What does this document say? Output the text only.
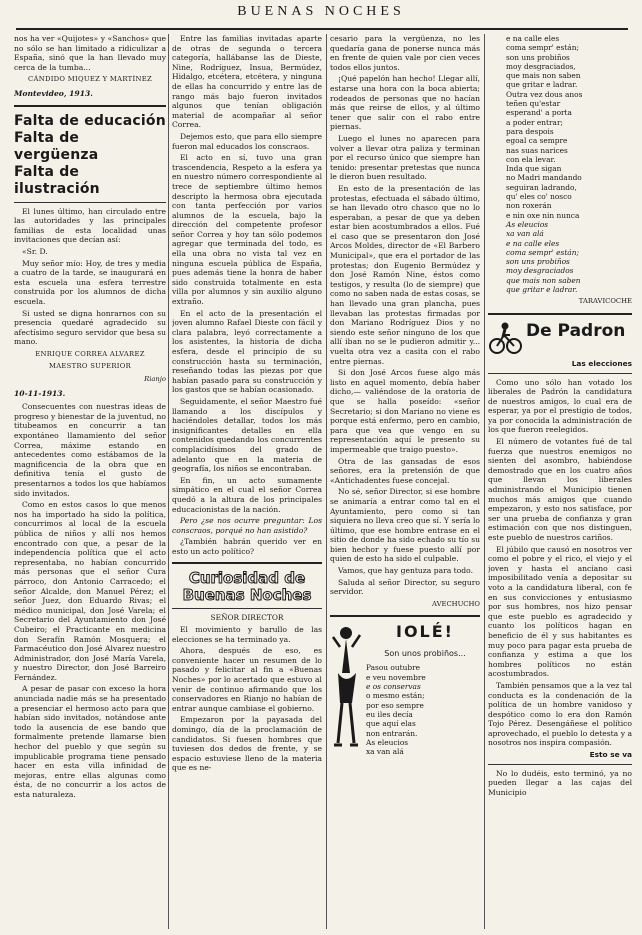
BUENAS NOCHES

nos ha ver «Quijotes» y «Sanchos» que no sólo se han limitado a ridiculizar a España, sinó que la han llevado muy cerca de la tumba...

CÁNDIDO MIQUEZ Y MARTÍNEZ
Montevideo, 1913.

Falta de educación

Falta de vergüenza

Falta de ilustración

El lunes último, han circulado entre las autoridades y las principales familias de esta localidad unas invitaciones que decían así:

«Sr. D.

Muy señor mío: Hoy, de tres y media a cuatro de la tarde, se inaugurará en esta escuela una esfera terrestre construida por los alumnos de dicha escuela.

Si usted se digna honrarnos con su presencia quedaré agradecido su afectísimo seguro servidor que besa su mano.

ENRIQUE CORREA ALVAREZ
MAESTRO SUPERIOR
Rianjo
10-11-1913.

Consecuentes con nuestras ideas de progreso y bienestar de la juventud, no titubeamos en concurrir a tan expontáneo llamamiento del señor Correa, máxime estando en antecedentes como estábamos de la magnificencia de la obra que en definitiva tenía el gusto de presentarnos a todos los que habíamos sido invitados.

Como en estos casos lo que menos nos ha importado ha sido la política, concurrimos al local de la escuela pública de niños y allí nos hemos encontrado con que, a pesar de la independencia política que el acto representaba, no habían concurrido más personas que el señor Cura párroco, don Antonio Carracedo; el señor Alcalde, don Manuel Pérez; el señor Juez, don Eduardo Rivas; el médico municipal, don José Varela; el Secretario del Ayuntamiento don José Cubeiro; el Practicante en medicina don Serafín Ramón Mosquera; el Farmacéutico don José Alvarez nuestro Administrador, don José María Varela, y nuestro Director, don José Barreiro Fernández.

A pesar de pasar con exceso la hora anunciada nadie más se ha presentado a presenciar el hermoso acto para que habían sido invitados, notándose ante todo la ausencia de ese bando que formalmente pretende llamarse bien hechor del pueblo y que según su impublicable programa tiene pensado hacer en esta villa infinidad de mejoras, entre ellas algunas como ésta, de no concurrir a los actos de esta naturaleza.

Entre las familias invitadas aparte de otras de segunda o tercera categoría, hallábanse las de Dieste, Nine, Rodríguez, Insua, Bermúdez, Hidalgo, etcétera, etcétera, y ninguna de ellas ha concurrido y entre las de rango más bajo fueron invitados algunos que tenían obligación material de acompañar al señor Correa.

Dejemos esto, que para ello siempre fueron mal educados los conscraos.

El acto en sí, tuvo una gran trascendencia, Respeto a la esfera ya en nuestro número correspondiente al trece de septiembre último hemos descripto la hermosa obra ejecutada con tanta perfección por varios alumnos de la escuela, bajo la dirección del competente profesor señor Correa y hoy tan sólo podemos agregar que terminada del todo, es ella una obra no vista tal vez en ninguna escuela pública de España, pues además tiene la honra de haber sido construida totalmente en esta villa por alumnos y sin auxilio alguno extraño.

En el acto de la presentación el joven alumno Rafael Dieste con fácil y clara palabra, leyó correctamente a los asistentes, la historia de dicha esfera, desde el principio de su construcción hasta su terminación, reseñando todas las piezas por que habían pasado para su construcción y los gastos que se habían ocasionado.

Seguidamente, el señor Maestro fué llamando a los discípulos y haciéndoles detallar, todos los más insignificantes detalles en ella contenidos quedando los concurrentes complacidísimos del grado de adelanto que en la materia de geografía, los niños se encontraban.

En fin, un acto sumamente simpático en el cual el señor Correa quedó a la altura de los principales educacionistas de la nación.

Pero ¿se nos ocurre preguntar: Los conscraos, porqué no han asistido?

¿También habrán querido ver en esto un acto político?

Curiosidad de Buenas Noches

SEÑOR DIRECTOR

El movimiento y barullo de las elecciones se ha terminado ya.

Ahora, después de eso, es conveniente hacer un resumen de lo pasado y felicitar al fin a «Buenas Noches» por lo acertado que estuvo al venir de continuo afirmando que los conservadores en Rianjo no habían de entrar aunque cambiase el gobierno.

Empezaron por la payasada del domingo, día de la proclamación de candidatos. Si fuesen hombres que tuviesen dos dedos de frente, y se espacio estuviese lleno de la materia que es ne-

cesario para la vergüenza, no les quedaría gana de ponerse nunca más en frente de quien vale por cien veces todos ellos juntos.

¡Qué papelón han hecho! Llegar allí, estarse una hora con la boca abierta; rodeados de personas que no hacían más que reirse de ellos, y al último tener que salir con el rabo entre piernas.

Luego el lunes no aparecen para volver a llevar otra paliza y terminan por el recurso único que siempre han tenido: presentar pretestas que nunca le dieron buen resultado.

En esto de la presentación de las protestas, efectuada el sábado último, se han llevado otro chasco que no lo esperaban, a pesar de que ya deben estar bien acostumbrados a ellos. Fué el caso que se presentaron don José Arcos Moldes, director de «El Barbero Municipal», que era el portador de las protestas; don Eugenio Bermúdez y don José Ramón Nine, éstos como testigos, y resulta (lo de siempre) que como no saben nada de estas cosas, se han llevado una gran plancha, pues llevaban las protestas firmadas por don Mariano Rodríguez Dios y no siendo este señor ninguno de los que allí iban no se le pudieron admitir y... vuelta otra vez a casita con el rabo entre piernas.

Si don José Arcos fuese algo más listo en aquel momento, debía haber dicho,— valiéndose de la oratoria de que se halla poseído: «señor Secretario; si don Mariano no viene es porque está enfermo, pero en cambio, para que vea que vengo en su representación aquí le presento su impermeable que traigo puesto».

Otra de las gansadas de esos señores, era la pretensión de que «Antichadentes fuese concejal.

No sé, señor Director, si ese hombre se animaría a entrar como tal en el Ayuntamiento, pero como si tan siquiera no lleva creo que sí. Y sería lo último, que ese hombre entrase en el sitio de donde ha sido echado su tío su bien hechor y fuese puesto allí por quien de esto ha sido el culpable.

Vamos, que hay gentuza para todo.

Saluda al señor Director, su seguro servidor.

AVECHUCHO
IOLÉ!
Son unos probiños...

Pasou outubre

e veu novembre

e os conservas

o mesmo están;

por eso sempre

eu iles decía

que aquí elas

non entrarán.

As eleucios

xa van alá

e na calle eles

coma sempr' están;

son uns probiños

moy desgraciados,

que mais non saben

que gritar e ladrar.

Outra vez dous anos

teñen qu'estar

esperand' a porta

a poder entrar;

para despois

egoal ca sempre

nas suas narices

con ela levar.

Inda que sigan

no Madri mandando

seguiran ladrando,

qu' eles co' nosco

non roxerán

e nin oxe nin nunca

As eleucios

xa van alá

e na calle eles

coma sempr' están;

son uns probiños

moy desgraciados

que mais non saben

que gritar e ladrar.

TARAVICOCHE
De Padron
Las elecciones

Como uno sólo han votado los liberales de Padrón la candidatura de nuestros amigos, lo cual era de esperar, ya por el prestigio de todos, ya por conocida la administración de los que fueron reelegidos.

El número de votantes fué de tal fuerza que nuestros enemigos no sienten del asombro, habiéndose demostrado que en los cuatro años que llevan los liberales administrando el Municipio tienen muchos más amigos que cuando empezaron, y esto nos satisface, por ser una prueba de confianza y gran estimación con que nos distinguen, este pueblo de nuestros cariños.

El júbilo que causó en nosotros ver como el pobre y el rico, el viejo y el joven y hasta el anciano casi imposibilitado venía a depositar su voto a la candidatura liberal, con fe en sus convicciones y entusiasmo por sus hombres, nos hizo pensar que este pueblo es agradecido y cuanto los políticos hagan en beneficio de él y sus habitantes es muy poco para pagar esta prueba de confianza y estima a que los hombres políticos no están acostumbrados.

También pensamos que a la vez tal conducta es la condenación de la política de un hombre vanidoso y despótico como lo era don Ramón Tojo Pérez. Desengáñese el político aprovechado, el pueblo lo detesta y a nosotros nos inspira compasión.

Esto se va

No lo dudéis, esto terminó, ya no pueden llegar a las cajas del Municipio
